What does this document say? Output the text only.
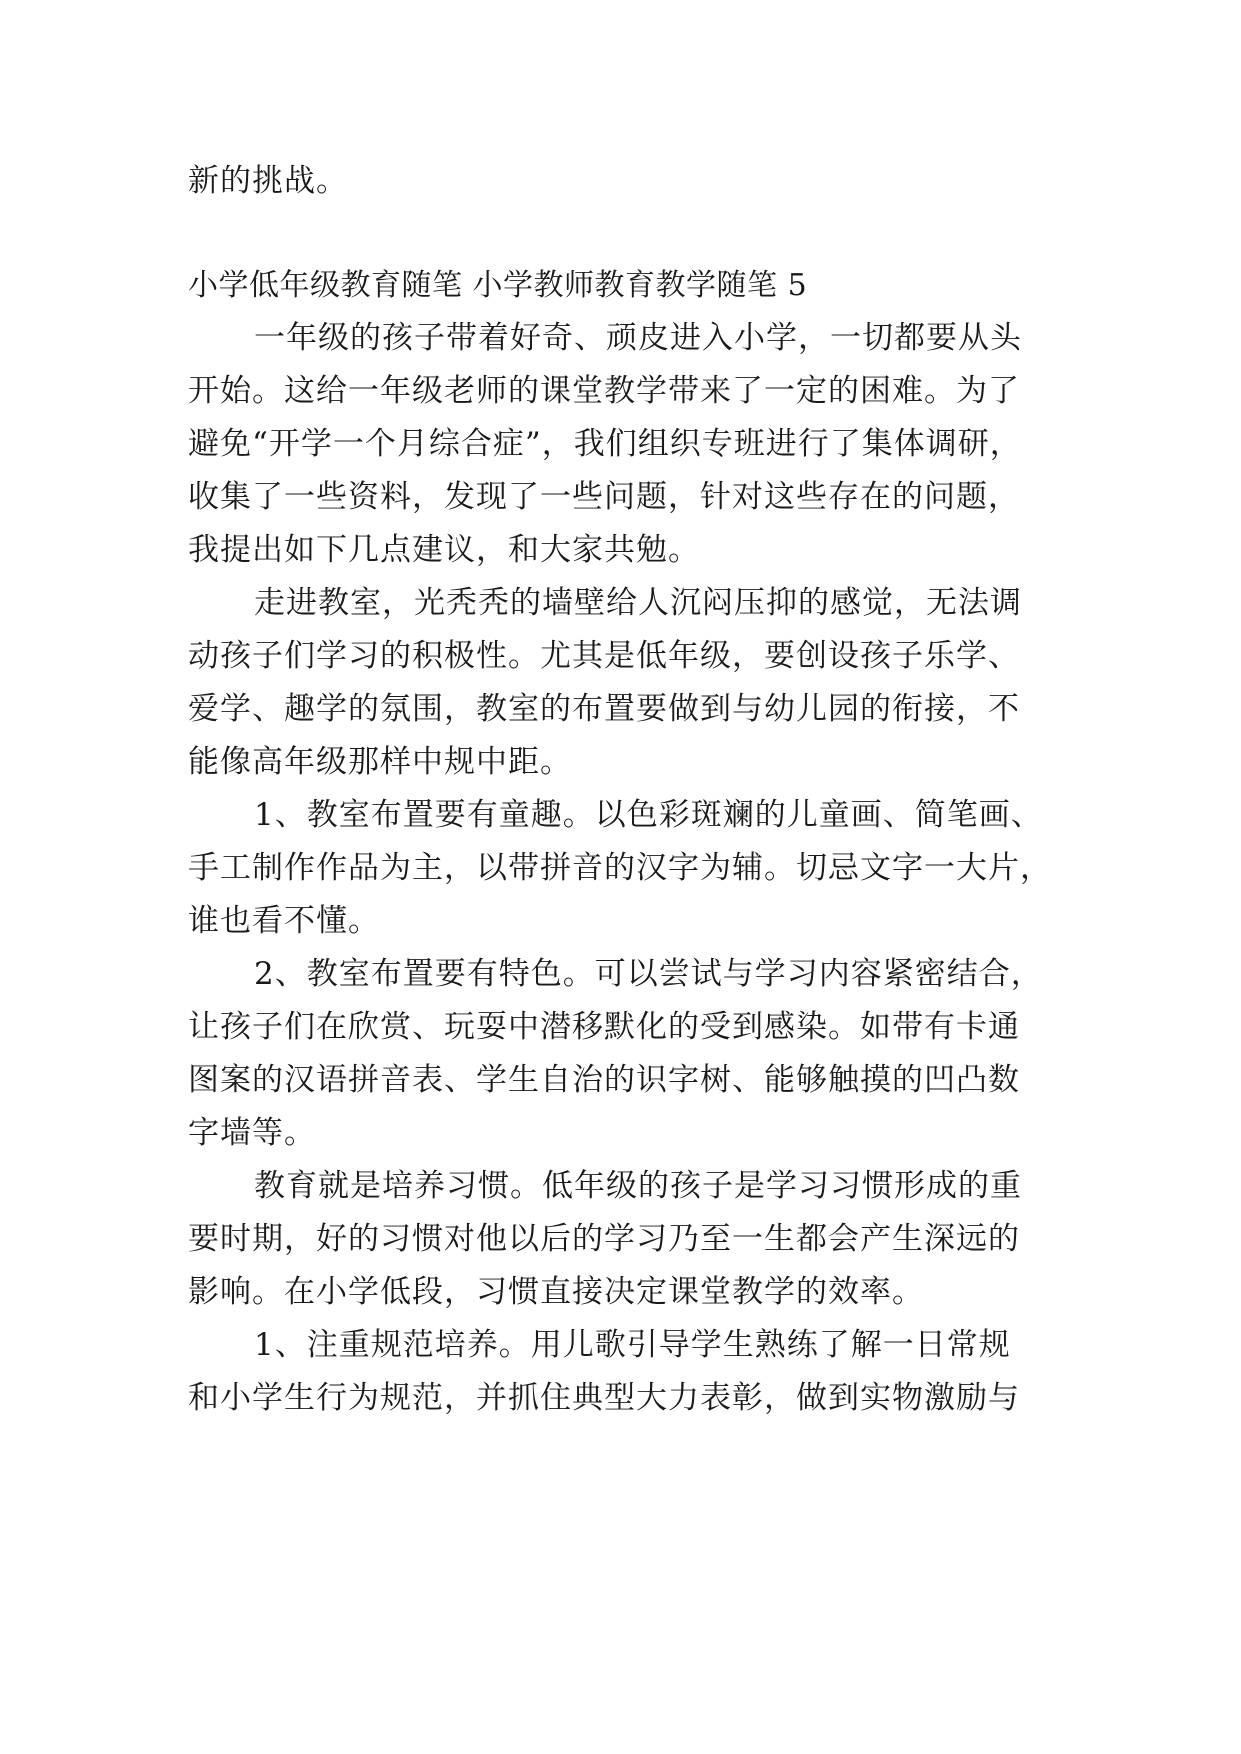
新的挑战。
小学低年级教育随笔 小学教师教育教学随笔 5
一年级的孩子带着好奇、顽皮进入小学，一切都要从头
开始。这给一年级老师的课堂教学带来了一定的困难。为了
避免“开学一个月综合症”，我们组织专班进行了集体调研，
收集了一些资料，发现了一些问题，针对这些存在的问题，
我提出如下几点建议，和大家共勉。
走进教室，光秃秃的墙壁给人沉闷压抑的感觉，无法调
动孩子们学习的积极性。尤其是低年级，要创设孩子乐学、
爱学、趣学的氛围，教室的布置要做到与幼儿园的衔接，不
能像高年级那样中规中距。
1、教室布置要有童趣。以色彩斑斓的儿童画、简笔画、
手工制作作品为主，以带拼音的汉字为辅。切忌文字一大片，
谁也看不懂。
2、教室布置要有特色。可以尝试与学习内容紧密结合，
让孩子们在欣赏、玩耍中潜移默化的受到感染。如带有卡通
图案的汉语拼音表、学生自治的识字树、能够触摸的凹凸数
字墙等。
教育就是培养习惯。低年级的孩子是学习习惯形成的重
要时期，好的习惯对他以后的学习乃至一生都会产生深远的
影响。在小学低段，习惯直接决定课堂教学的效率。
1、注重规范培养。用儿歌引导学生熟练了解一日常规
和小学生行为规范，并抓住典型大力表彰，做到实物激励与
